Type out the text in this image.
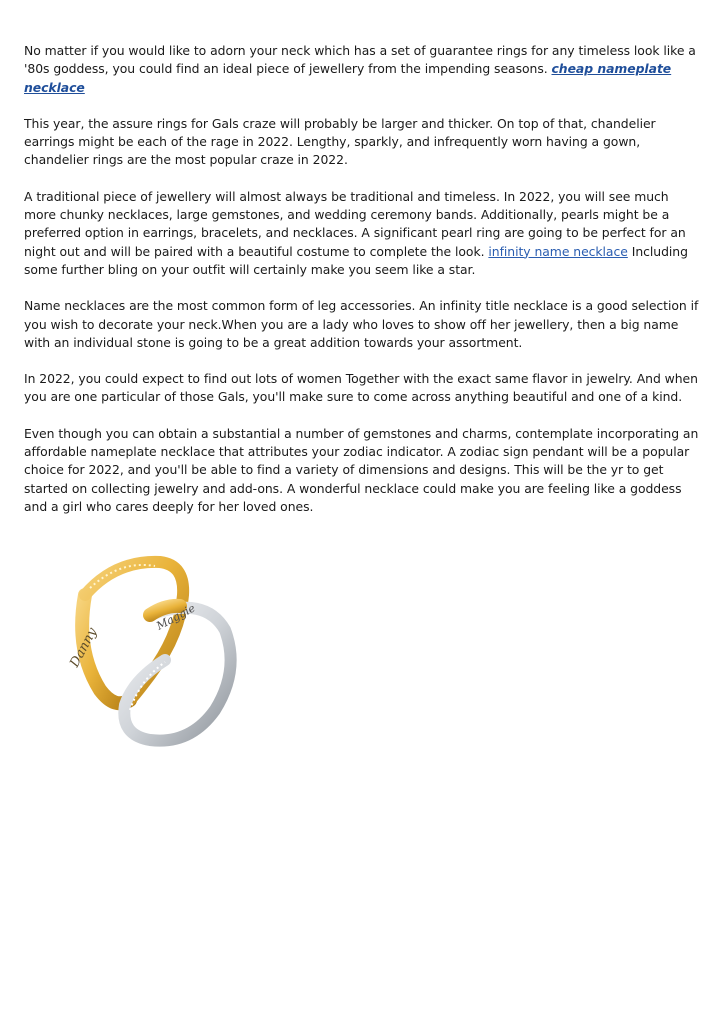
No matter if you would like to adorn your neck which has a set of guarantee rings for any timeless look like a '80s goddess, you could find an ideal piece of jewellery from the impending seasons. cheap nameplate necklace

This year, the assure rings for Gals craze will probably be larger and thicker. On top of that, chandelier earrings might be each of the rage in 2022. Lengthy, sparkly, and infrequently worn having a gown, chandelier rings are the most popular craze in 2022.

A traditional piece of jewellery will almost always be traditional and timeless. In 2022, you will see much more chunky necklaces, large gemstones, and wedding ceremony bands. Additionally, pearls might be a preferred option in earrings, bracelets, and necklaces. A significant pearl ring are going to be perfect for an night out and will be paired with a beautiful costume to complete the look. infinity name necklace Including some further bling on your outfit will certainly make you seem like a star.

Name necklaces are the most common form of leg accessories. An infinity title necklace is a good selection if you wish to decorate your neck.When you are a lady who loves to show off her jewellery, then a big name with an individual stone is going to be a great addition towards your assortment.

In 2022, you could expect to find out lots of women Together with the exact same flavor in jewelry. And when you are one particular of those Gals, you'll make sure to come across anything beautiful and one of a kind.

Even though you can obtain a substantial a number of gemstones and charms, contemplate incorporating an affordable nameplate necklace that attributes your zodiac indicator. A zodiac sign pendant will be a popular choice for 2022, and you'll be able to find a variety of dimensions and designs. This will be the yr to get started on collecting jewelry and add-ons. A wonderful necklace could make you are feeling like a goddess and a girl who cares deeply for her loved ones.

Danny
Maggie
